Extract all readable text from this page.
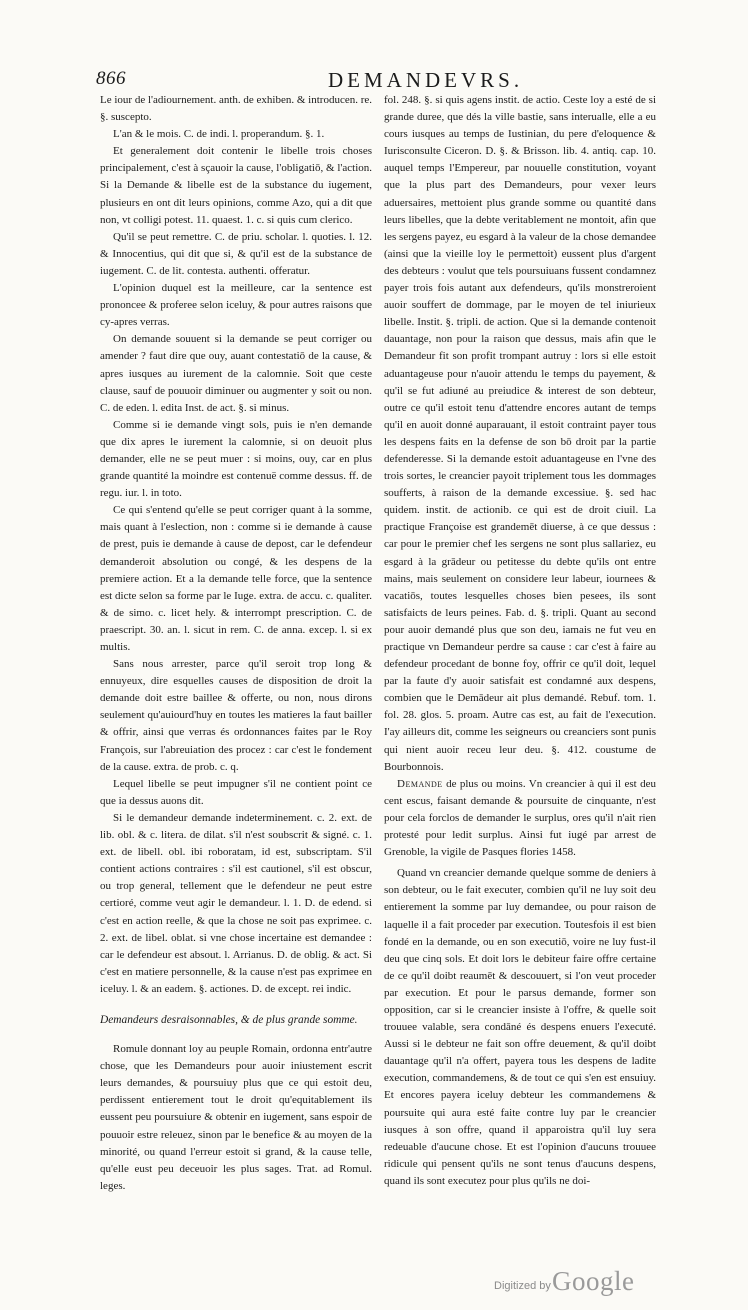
866	DEMANDEVRS.

Le iour de l'adiournement. anth. de exhiben. & introducen. re. §. suscepto.

L'an & le mois. C. de indi. l. properandum. §. 1.

Et generalement doit contenir le libelle trois choses principalement, c'est à sçauoir la cause, l'obligatiō, & l'action. Si la Demande & libelle est de la substance du iugement, plusieurs en ont dit leurs opinions, comme Azo, qui a dit que non, vt colligi potest. 11. quaest. 1. c. si quis cum clerico.

Qu'il se peut remettre. C. de priu. scholar. l. quoties. l. 12. & Innocentius, qui dit que si, & qu'il est de la substance de iugement. C. de lit. contesta. authenti. offeratur.

L'opinion duquel est la meilleure, car la sentence est prononcee & proferee selon iceluy, & pour autres raisons que cy-apres verras.

On demande souuent si la demande se peut corriger ou amender ? faut dire que ouy, auant contestatiō de la cause, & apres iusques au iurement de la calomnie. Soit que ceste clause, sauf de pouuoir diminuer ou augmenter y soit ou non. C. de eden. l. edita Inst. de act. §. si minus.

Comme si ie demande vingt sols, puis ie n'en demande que dix apres le iurement la calomnie, si on deuoit plus demander, elle ne se peut muer : si moins, ouy, car en plus grande quantité la moindre est contenuë comme dessus. ff. de regu. iur. l. in toto.

Ce qui s'entend qu'elle se peut corriger quant à la somme, mais quant à l'eslection, non : comme si ie demande à cause de prest, puis ie demande à cause de depost, car le defendeur demanderoit absolution ou congé, & les despens de la premiere action. Et a la demande telle force, que la sentence est dicte selon sa forme par le Iuge. extra. de accu. c. qualiter. & de simo. c. licet hely. & interrompt prescription. C. de praescript. 30. an. l. sicut in rem. C. de anna. excep. l. si ex multis.

Sans nous arrester, parce qu'il seroit trop long & ennuyeux, dire esquelles causes de disposition de droit la demande doit estre baillee & offerte, ou non, nous dirons seulement qu'auiourd'huy en toutes les matieres la faut bailler & offrir, ainsi que verras és ordonnances faites par le Roy François, sur l'abreuiation des procez : car c'est le fondement de la cause. extra. de prob. c. q.

Lequel libelle se peut impugner s'il ne contient point ce que ia dessus auons dit.

Si le demandeur demande indeterminement. c. 2. ext. de lib. obl. & c. litera. de dilat. s'il n'est soubscrit & signé. c. 1. ext. de libell. obl. ibi roboratam, id est, subscriptam. S'il contient actions contraires : s'il est cautionel, s'il est obscur, ou trop general, tellement que le defendeur ne peut estre certioré, comme veut agir le demandeur. l. 1. D. de edend. si c'est en action reelle, & que la chose ne soit pas exprimee. c. 2. ext. de libel. oblat. si vne chose incertaine est demandee : car le defendeur est absout. l. Arrianus. D. de oblig. & act. Si c'est en matiere personnelle, & la cause n'est pas exprimee en iceluy. l. & an eadem. §. actiones. D. de except. rei indic.

Demandeurs desraisonnables, & de plus grande somme.

Romule donnant loy au peuple Romain, ordonna entr'autre chose, que les Demandeurs pour auoir iniustement escrit leurs demandes, & poursuiuy plus que ce qui estoit deu, perdissent entierement tout le droit qu'equitablement ils eussent peu poursuiure & obtenir en iugement, sans espoir de pouuoir estre releuez, sinon par le benefice & au moyen de la minorité, ou quand l'erreur estoit si grand, & la cause telle, qu'elle eust peu deceuoir les plus sages. Trat. ad Romul. leges.

fol. 248. §. si quis agens instit. de actio. Ceste loy a esté de si grande duree, que dés la ville bastie, sans interualle, elle a eu cours iusques au temps de Iustinian, du pere d'eloquence & Iurisconsulte Ciceron. D. §. & Brisson. lib. 4. antiq. cap. 10. auquel temps l'Empereur, par nouuelle constitution, voyant que la plus part des Demandeurs, pour vexer leurs aduersaires, mettoient plus grande somme ou quantité dans leurs libelles, que la debte veritablement ne montoit, afin que les sergens payez, eu esgard à la valeur de la chose demandee (ainsi que la vieille loy le permettoit) eussent plus d'argent des debteurs : voulut que tels poursuiuans fussent condamnez payer trois fois autant aux defendeurs, qu'ils monstreroient auoir souffert de dommage, par le moyen de tel iniurieux libelle. Instit. §. tripli. de action. Que si la demande contenoit dauantage, non pour la raison que dessus, mais afin que le Demandeur fit son profit trompant autruy : lors si elle estoit aduantageuse pour n'auoir attendu le temps du payement, & qu'il se fut adiuné au preiudice & interest de son debteur, outre ce qu'il estoit tenu d'attendre encores autant de temps qu'il en auoit donné auparauant, il estoit contraint payer tous les despens faits en la defense de son bō droit par la partie defenderesse. Si la demande estoit aduantageuse en l'vne des trois sortes, le creancier payoit triplement tous les dommages soufferts, à raison de la demande excessiue. §. sed hac quidem. instit. de actionib. ce qui est de droit ciuil. La practique Françoise est grandemēt diuerse, à ce que dessus : car pour le premier chef les sergens ne sont plus sallariez, eu esgard à la grādeur ou petitesse du debte qu'ils ont entre mains, mais seulement on considere leur labeur, iournees & vacatiōs, toutes lesquelles choses bien pesees, ils sont satisfaicts de leurs peines. Fab. d. §. tripli. Quant au second pour auoir demandé plus que son deu, iamais ne fut veu en practique vn Demandeur perdre sa cause : car c'est à faire au defendeur procedant de bonne foy, offrir ce qu'il doit, lequel par la faute d'y auoir satisfait est condamné aux despens, combien que le Demādeur ait plus demandé. Rebuf. tom. 1. fol. 28. glos. 5. proam. Autre cas est, au fait de l'execution. I'ay ailleurs dit, comme les seigneurs ou creanciers sont punis qui nient auoir receu leur deu. §. 412. coustume de Bourbonnois.

Demande de plus ou moins. Vn creancier à qui il est deu cent escus, faisant demande & poursuite de cinquante, n'est pour cela forclos de demander le surplus, ores qu'il n'ait rien protesté pour ledit surplus. Ainsi fut iugé par arrest de Grenoble, la vigile de Pasques flories 1458.

Quand vn creancier demande quelque somme de deniers à son debteur, ou le fait executer, combien qu'il ne luy soit deu entierement la somme par luy demandee, ou pour raison de laquelle il a fait proceder par execution. Toutesfois il est bien fondé en la demande, ou en son executiō, voire ne luy fust-il deu que cinq sols. Et doit lors le debiteur faire offre certaine de ce qu'il doibt reaumēt & descouuert, si l'on veut proceder par execution. Et pour le parsus demande, former son opposition, car si le creancier insiste à l'offre, & quelle soit trouuee valable, sera condāné és despens enuers l'executé. Aussi si le debteur ne fait son offre deuement, & qu'il doibt dauantage qu'il n'a offert, payera tous les despens de ladite execution, commandemens, & de tout ce qui s'en est ensuiuy. Et encores payera iceluy debteur les commandemens & poursuite qui aura esté faite contre luy par le creancier iusques à son offre, quand il apparoistra qu'il luy sera redeuable d'aucune chose. Et est l'opinion d'aucuns trouuee ridicule qui pensent qu'ils ne sont tenus d'aucuns despens, quand ils sont executez pour plus qu'ils ne doi-

Digitized by Google
